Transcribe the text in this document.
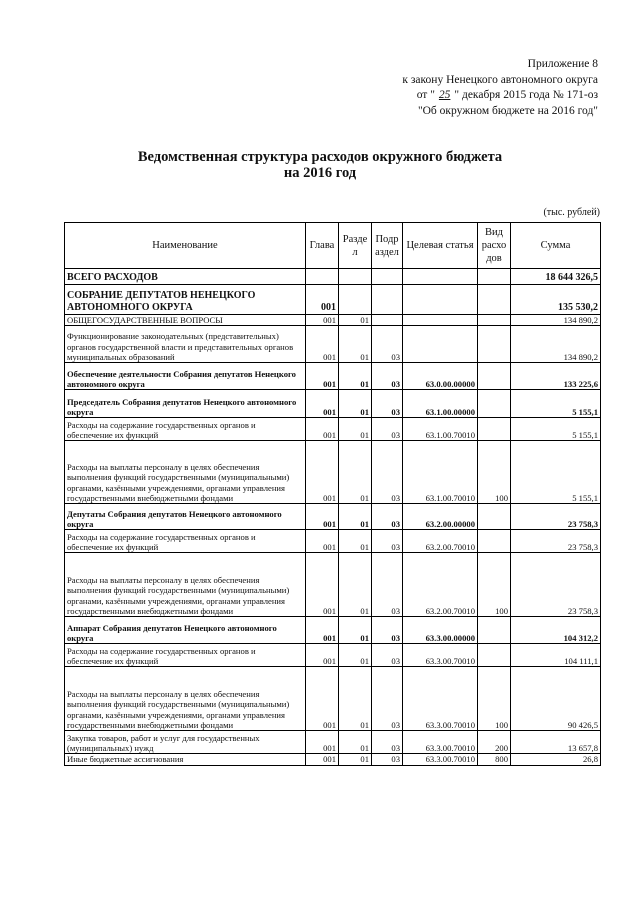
Приложение 8
к закону Ненецкого автономного округа
от " 25 " декабря 2015 года № 171-оз
"Об окружном бюджете на 2016 год"
Ведомственная структура расходов окружного бюджета
на 2016 год
(тыс. рублей)
Наименование	Глава	Разде л	Подр аздел	Целевая статья	Вид расхо дов	Сумма
ВСЕГО РАСХОДОВ						18 644 326,5
СОБРАНИЕ ДЕПУТАТОВ НЕНЕЦКОГО АВТОНОМНОГО ОКРУГА	001					135 530,2
ОБЩЕГОСУДАРСТВЕННЫЕ ВОПРОСЫ	001	01				134 890,2
Функционирование законодательных (представительных) органов государственной власти и представительных органов муниципальных образований	001	01	03			134 890,2
Обеспечение деятельности Собрания депутатов Ненецкого автономного округа	001	01	03	63.0.00.00000		133 225,6
Председатель Собрания депутатов Ненецкого автономного округа	001	01	03	63.1.00.00000		5 155,1
Расходы на содержание государственных органов и обеспечение их функций	001	01	03	63.1.00.70010		5 155,1
Расходы на выплаты персоналу в целях обеспечения выполнения функций государственными (муниципальными) органами, казёнными учреждениями, органами управления государственными внебюджетными фондами	001	01	03	63.1.00.70010	100	5 155,1
Депутаты Собрания депутатов Ненецкого автономного округа	001	01	03	63.2.00.00000		23 758,3
Расходы на содержание государственных органов и обеспечение их функций	001	01	03	63.2.00.70010		23 758,3
Расходы на выплаты персоналу в целях обеспечения выполнения функций государственными (муниципальными) органами, казёнными учреждениями, органами управления государственными внебюджетными фондами	001	01	03	63.2.00.70010	100	23 758,3
Аппарат Собрания депутатов Ненецкого автономного округа	001	01	03	63.3.00.00000		104 312,2
Расходы на содержание государственных органов и обеспечение их функций	001	01	03	63.3.00.70010		104 111,1
Расходы на выплаты персоналу в целях обеспечения выполнения функций государственными (муниципальными) органами, казёнными учреждениями, органами управления государственными внебюджетными фондами	001	01	03	63.3.00.70010	100	90 426,5
Закупка товаров, работ и услуг для государственных (муниципальных) нужд	001	01	03	63.3.00.70010	200	13 657,8
Иные бюджетные ассигнования	001	01	03	63.3.00.70010	800	26,8
